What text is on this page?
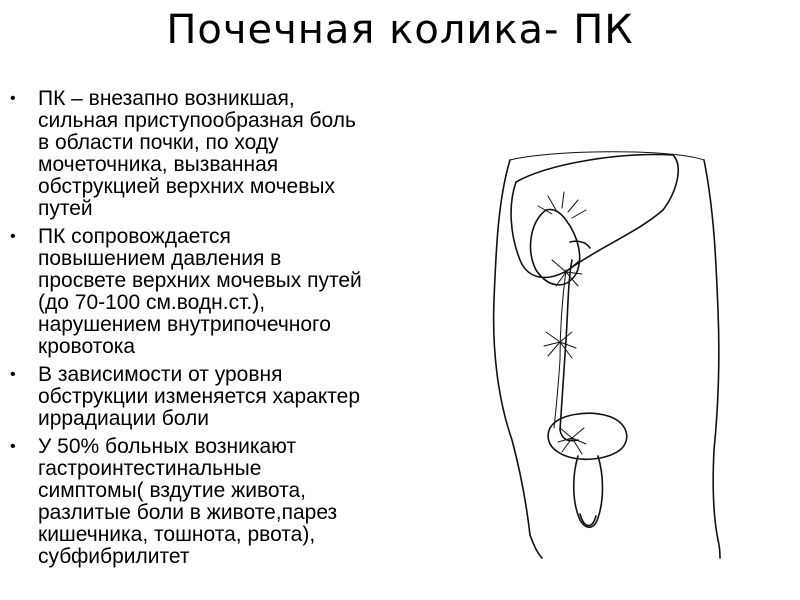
Почечная колика- ПК
• ПК – внезапно возникшая,
сильная приступообразная боль
в области почки, по ходу
мочеточника, вызванная
обструкцией верхних мочевых
путей
• ПК сопровождается
повышением давления в
просвете верхних мочевых путей
(до 70-100 см.водн.ст.),
нарушением внутрипочечного
кровотока
• В зависимости от уровня
обструкции изменяется характер
иррадиации боли
• У 50% больных возникают
гастроинтестинальные
симптомы( вздутие живота,
разлитые боли в животе,парез
кишечника, тошнота, рвота),
субфибрилитет
